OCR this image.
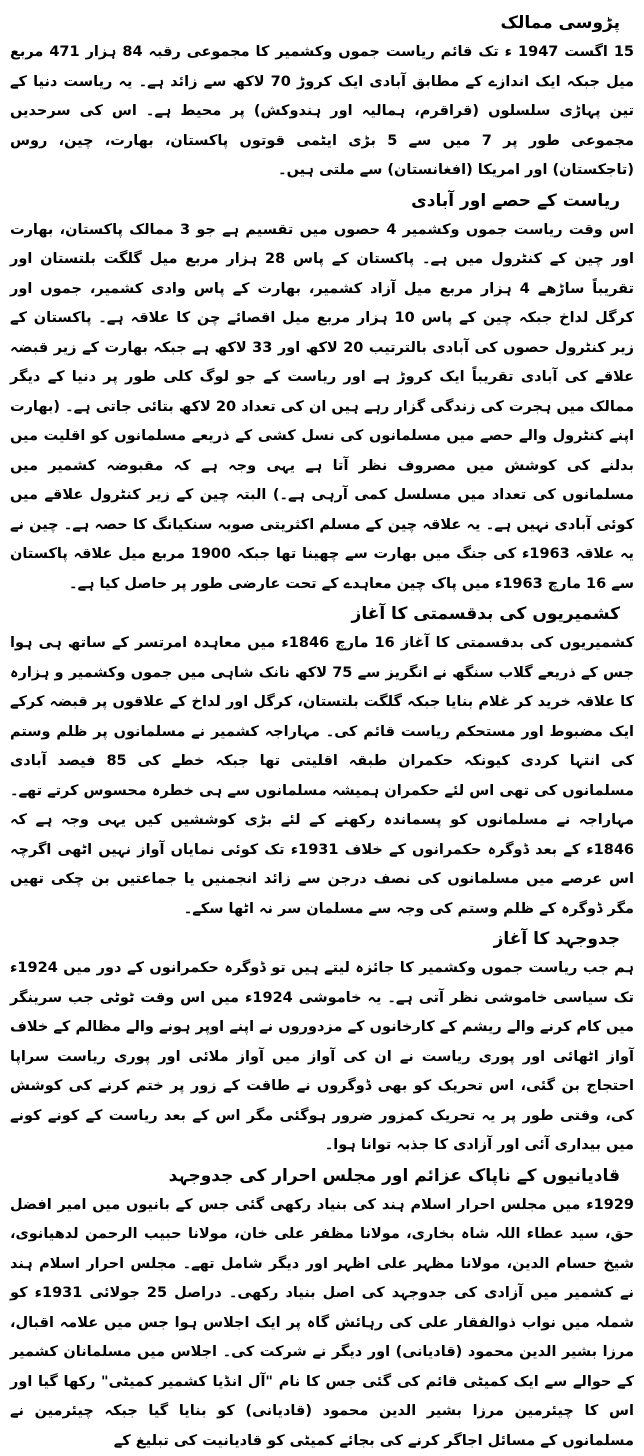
پڑوسی ممالک

15 اگست 1947 ء تک قائم ریاست جموں وکشمیر کا مجموعی رقبہ 84 ہزار 471 مربع میل جبکہ ایک اندازے کے مطابق آبادی ایک کروڑ 70 لاکھ سے زائد ہے۔ یہ ریاست دنیا کے تین پہاڑی سلسلوں (قراقرم، ہمالیہ اور ہندوکش) پر محیط ہے۔ اس کی سرحدیں مجموعی طور پر 7 میں سے 5 بڑی ایٹمی قوتوں پاکستان، بھارت، چین، روس (تاجکستان) اور امریکا (افغانستان) سے ملتی ہیں۔

ریاست کے حصے اور آبادی

اس وقت ریاست جموں وکشمیر 4 حصوں میں تقسیم ہے جو 3 ممالک پاکستان، بھارت اور چین کے کنٹرول میں ہے۔ پاکستان کے پاس 28 ہزار مربع میل گلگت بلتستان اور تقریباً ساڑھے 4 ہزار مربع میل آزاد کشمیر، بھارت کے پاس وادی کشمیر، جموں اور کرگل لداخ جبکہ چین کے پاس 10 ہزار مربع میل اقصائے چن کا علاقہ ہے۔ پاکستان کے زیر کنٹرول حصوں کی آبادی بالترتیب 20 لاکھ اور 33 لاکھ ہے جبکہ بھارت کے زیر قبضہ علاقے کی آبادی تقریباً ایک کروڑ ہے اور ریاست کے جو لوگ کلی طور پر دنیا کے دیگر ممالک میں ہجرت کی زندگی گزار رہے ہیں ان کی تعداد 20 لاکھ بتائی جاتی ہے۔ (بھارت اپنے کنٹرول والے حصے میں مسلمانوں کی نسل کشی کے ذریعے مسلمانوں کو اقلیت میں بدلنے کی کوشش میں مصروف نظر آتا ہے یہی وجہ ہے کہ مقبوضہ کشمیر میں مسلمانوں کی تعداد میں مسلسل کمی آرہی ہے۔) البتہ چین کے زیر کنٹرول علاقے میں کوئی آبادی نہیں ہے۔ یہ علاقہ چین کے مسلم اکثریتی صوبہ سنکیانگ کا حصہ ہے۔ چین نے یہ علاقہ 1963ء کی جنگ میں بھارت سے چھینا تھا جبکہ 1900 مربع میل علاقہ پاکستان سے 16 مارچ 1963ء میں پاک چین معاہدے کے تحت عارضی طور پر حاصل کیا ہے۔

کشمیریوں کی بدقسمتی کا آغاز

کشمیریوں کی بدقسمتی کا آغاز 16 مارچ 1846ء میں معاہدہ امرتسر کے ساتھ ہی ہوا جس کے ذریعے گلاب سنگھ نے انگریز سے 75 لاکھ نانک شاہی میں جموں وکشمیر و ہزارہ کا علاقہ خرید کر غلام بنایا جبکہ گلگت بلتستان، کرگل اور لداخ کے علاقوں پر قبضہ کرکے ایک مضبوط اور مستحکم ریاست قائم کی۔ مہاراجہ کشمیر نے مسلمانوں پر ظلم وستم کی انتہا کردی کیونکہ حکمران طبقہ اقلیتی تھا جبکہ خطے کی 85 فیصد آبادی مسلمانوں کی تھی اس لئے حکمران ہمیشہ مسلمانوں سے ہی خطرہ محسوس کرتے تھے۔ مہاراجہ نے مسلمانوں کو پسماندہ رکھنے کے لئے بڑی کوششیں کیں یہی وجہ ہے کہ 1846ء کے بعد ڈوگرہ حکمرانوں کے خلاف 1931ء تک کوئی نمایاں آواز نہیں اٹھی اگرچہ اس عرصے میں مسلمانوں کی نصف درجن سے زائد انجمنیں یا جماعتیں بن چکی تھیں مگر ڈوگرہ کے ظلم وستم کی وجہ سے مسلمان سر نہ اٹھا سکے۔

جدوجہد کا آغاز

ہم جب ریاست جموں وکشمیر کا جائزہ لیتے ہیں تو ڈوگرہ حکمرانوں کے دور میں 1924ء تک سیاسی خاموشی نظر آتی ہے۔ یہ خاموشی 1924ء میں اس وقت ٹوٹی جب سرینگر میں کام کرنے والے ریشم کے کارخانوں کے مزدوروں نے اپنے اوپر ہونے والے مظالم کے خلاف آواز اٹھائی اور پوری ریاست نے ان کی آواز میں آواز ملائی اور پوری ریاست سراپا احتجاج بن گئی، اس تحریک کو بھی ڈوگروں نے طاقت کے زور پر ختم کرنے کی کوشش کی، وقتی طور پر یہ تحریک کمزور ضرور ہوگئی مگر اس کے بعد ریاست کے کونے کونے میں بیداری آئی اور آزادی کا جذبہ توانا ہوا۔

قادیانیوں کے ناپاک عزائم اور مجلس احرار کی جدوجہد

1929ء میں مجلس احرار اسلام ہند کی بنیاد رکھی گئی جس کے بانیوں میں امیر افضل حق، سید عطاء اللہ شاہ بخاری، مولانا مظفر علی خان، مولانا حبیب الرحمن لدھیانوی، شیخ حسام الدین، مولانا مظہر علی اظہر اور دیگر شامل تھے۔ مجلس احرار اسلام ہند نے کشمیر میں آزادی کی جدوجہد کی اصل بنیاد رکھی۔ دراصل 25 جولائی 1931ء کو شملہ میں نواب ذوالفقار علی کی رہائش گاہ پر ایک اجلاس ہوا جس میں علامہ اقبال، مرزا بشیر الدین محمود (قادیانی) اور دیگر نے شرکت کی۔ اجلاس میں مسلمانان کشمیر کے حوالے سے ایک کمیٹی قائم کی گئی جس کا نام "آل انڈیا کشمیر کمیٹی" رکھا گیا اور اس کا چیئرمین مرزا بشیر الدین محمود (قادیانی) کو بنایا گیا جبکہ چیئرمین نے مسلمانوں کے مسائل اجاگر کرنے کی بجائے کمیٹی کو قادیانیت کی تبلیغ کے
